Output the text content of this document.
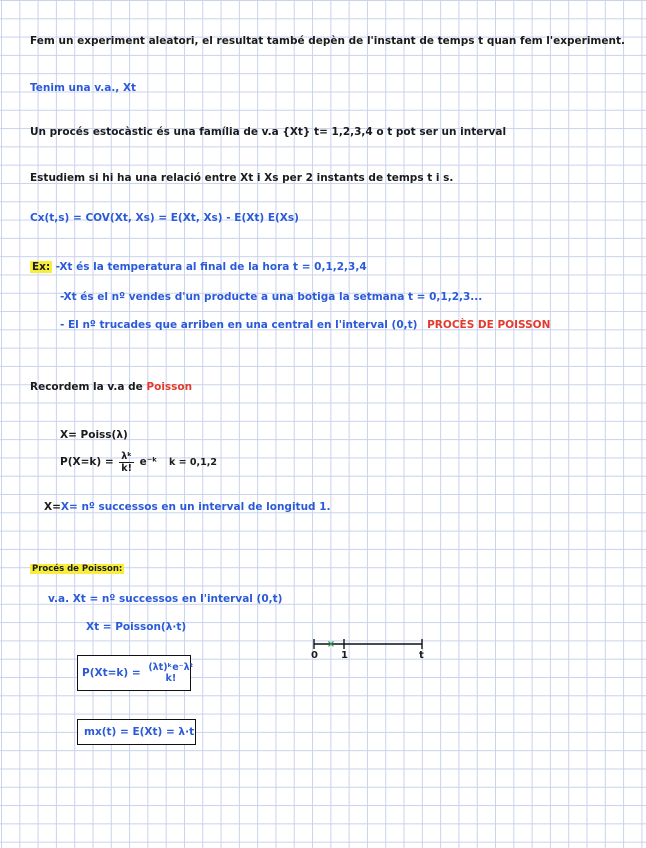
Fem un experiment aleatori, el resultat també depèn de l'instant de temps t quan fem l'experiment.
Tenim una v.a., Xt
Un procés estocàstic és una família de v.a {Xt} t= 1,2,3,4 o t pot ser un interval
Estudiem si hi ha una relació entre Xt i Xs per 2 instants de temps t i s.
Cx(t,s) = COV(Xt, Xs) = E(Xt, Xs) - E(Xt) E(Xs)
Ex: -Xt és la temperatura al final de la hora t = 0,1,2,3,4
-Xt és el nº vendes d'un producte a una botiga la setmana t = 0,1,2,3...
- El nº trucades que arriben en una central en l'interval (0,t) PROCÈS DE POISSON
Recordem la v.a de Poisson
X= Poiss(λ)
$P(X=k) = \frac{\text{λᵏ}}{k!}$ e⁻ᵏ k = 0,1,2
X=X= nº successos en un interval de longitud 1.
Procés de Poisson:
v.a. Xt = nº successos en l'interval (0,t)
Xt = Poisson(λ·t)
P(Xt=k) = (λt)ᵏe⁻λᵗ
k!
mx(t) = E(Xt) = λ·t
×
0 1	t
